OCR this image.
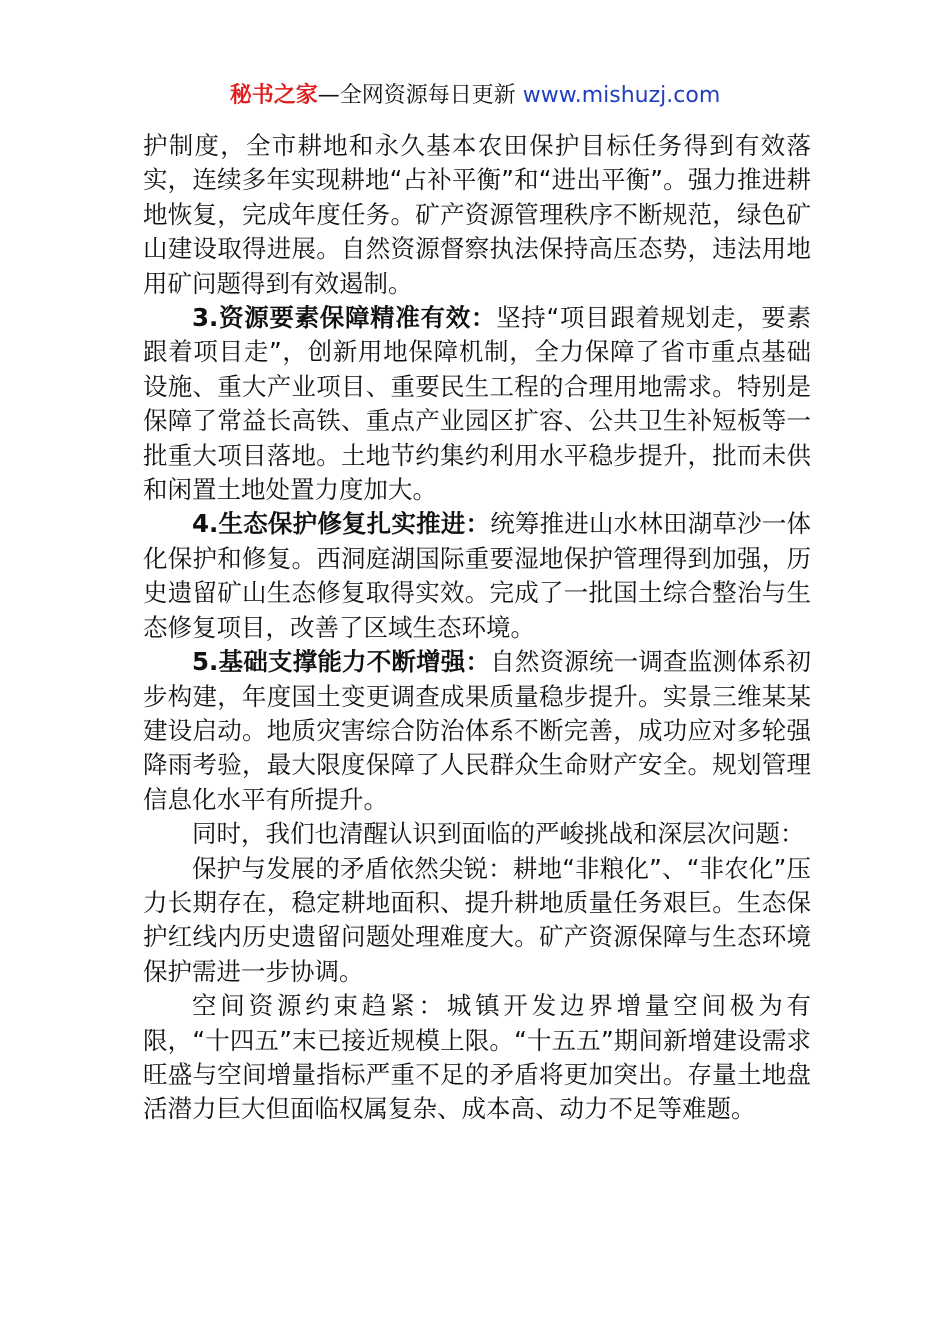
秘书之家—全网资源每日更新 www.mishuzj.com

护制度，全市耕地和永久基本农田保护目标任务得到有效落实，连续多年实现耕地“占补平衡”和“进出平衡”。强力推进耕地恢复，完成年度任务。矿产资源管理秩序不断规范，绿色矿山建设取得进展。自然资源督察执法保持高压态势，违法用地用矿问题得到有效遏制。

3.资源要素保障精准有效：坚持“项目跟着规划走，要素跟着项目走”，创新用地保障机制，全力保障了省市重点基础设施、重大产业项目、重要民生工程的合理用地需求。特别是保障了常益长高铁、重点产业园区扩容、公共卫生补短板等一批重大项目落地。土地节约集约利用水平稳步提升，批而未供和闲置土地处置力度加大。

4.生态保护修复扎实推进：统筹推进山水林田湖草沙一体化保护和修复。西洞庭湖国际重要湿地保护管理得到加强，历史遗留矿山生态修复取得实效。完成了一批国土综合整治与生态修复项目，改善了区域生态环境。

5.基础支撑能力不断增强：自然资源统一调查监测体系初步构建，年度国土变更调查成果质量稳步提升。实景三维某某建设启动。地质灾害综合防治体系不断完善，成功应对多轮强降雨考验，最大限度保障了人民群众生命财产安全。规划管理信息化水平有所提升。

同时，我们也清醒认识到面临的严峻挑战和深层次问题：

保护与发展的矛盾依然尖锐：耕地“非粮化”、“非农化”压力长期存在，稳定耕地面积、提升耕地质量任务艰巨。生态保护红线内历史遗留问题处理难度大。矿产资源保障与生态环境保护需进一步协调。

空间资源约束趋紧：城镇开发边界增量空间极为有限，“十四五”末已接近规模上限。“十五五”期间新增建设需求旺盛与空间增量指标严重不足的矛盾将更加突出。存量土地盘活潜力巨大但面临权属复杂、成本高、动力不足等难题。
